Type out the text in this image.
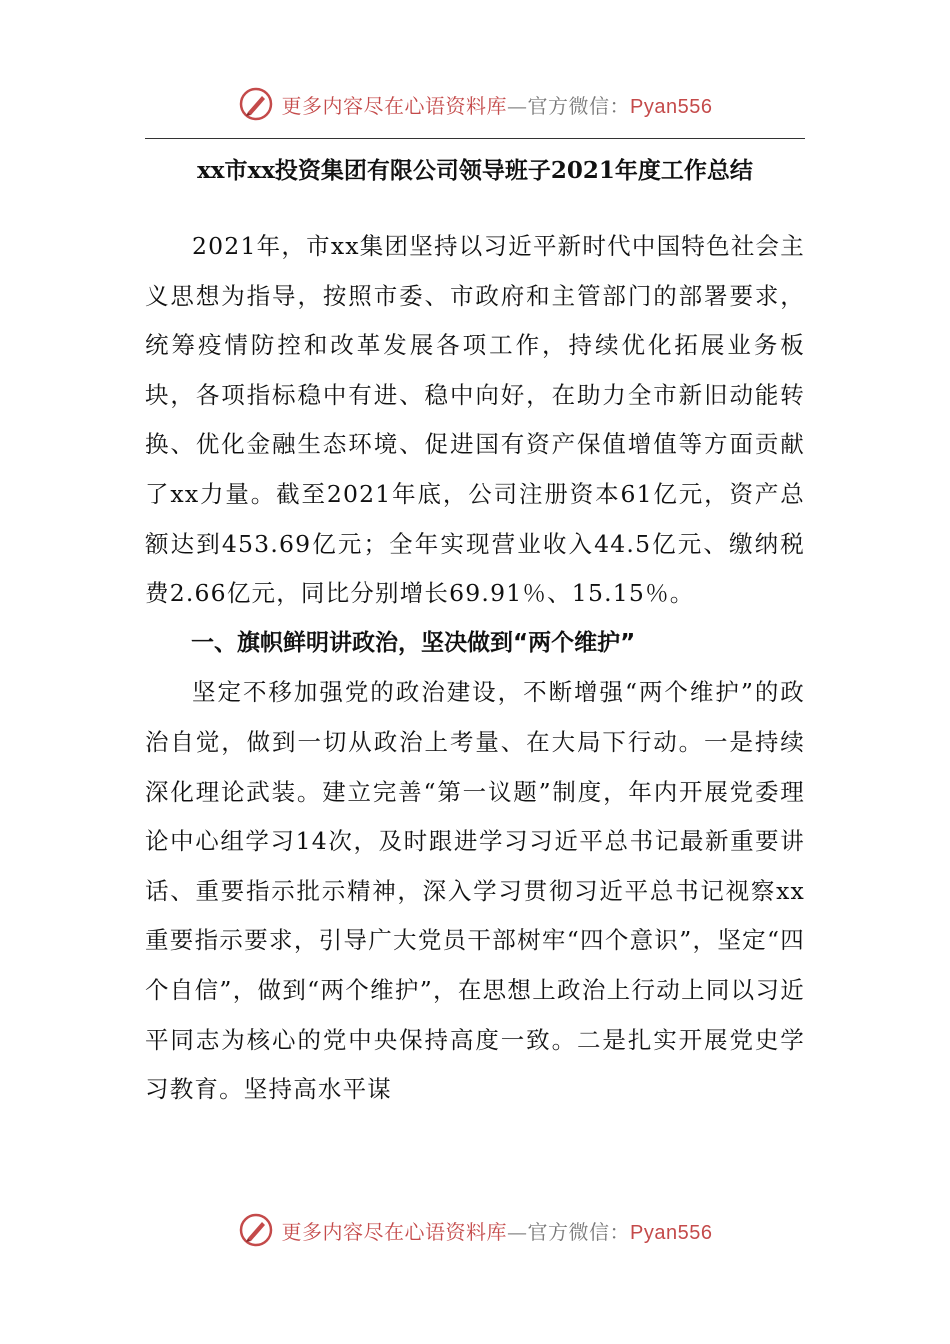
更多内容尽在心语资料库—官方微信：Pyan556
xx市xx投资集团有限公司领导班子2021年度工作总结

2021年，市xx集团坚持以习近平新时代中国特色社会主义思想为指导，按照市委、市政府和主管部门的部署要求，统筹疫情防控和改革发展各项工作，持续优化拓展业务板块，各项指标稳中有进、稳中向好，在助力全市新旧动能转换、优化金融生态环境、促进国有资产保值增值等方面贡献了xx力量。截至2021年底，公司注册资本61亿元，资产总额达到453.69亿元；全年实现营业收入44.5亿元、缴纳税费2.66亿元，同比分别增长69.91％、15.15％。

一、旗帜鲜明讲政治，坚决做到“两个维护”

坚定不移加强党的政治建设，不断增强“两个维护”的政治自觉，做到一切从政治上考量、在大局下行动。一是持续深化理论武装。建立完善“第一议题”制度，年内开展党委理论中心组学习14次，及时跟进学习习近平总书记最新重要讲话、重要指示批示精神，深入学习贯彻习近平总书记视察xx重要指示要求，引导广大党员干部树牢“四个意识”，坚定“四个自信”，做到“两个维护”，在思想上政治上行动上同以习近平同志为核心的党中央保持高度一致。二是扎实开展党史学习教育。坚持高水平谋

更多内容尽在心语资料库—官方微信：Pyan556
